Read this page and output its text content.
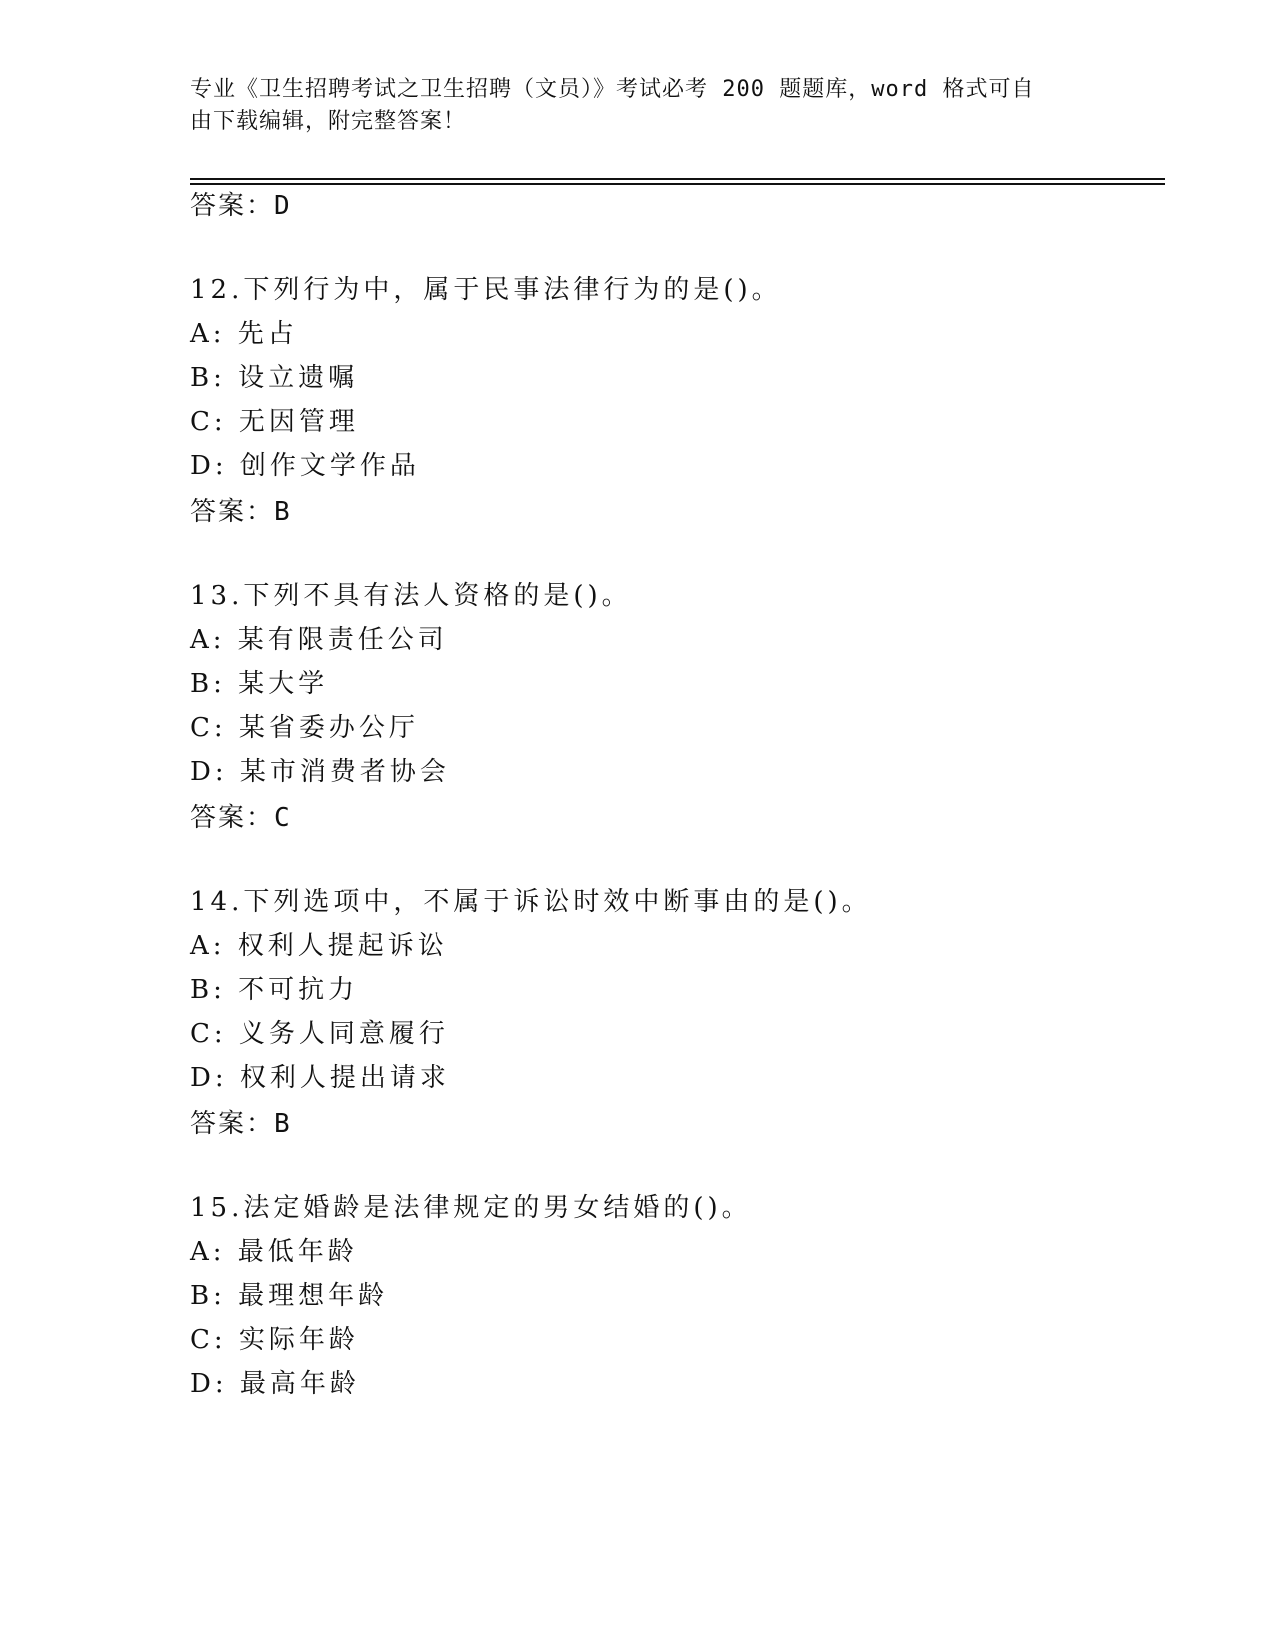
专业《卫生招聘考试之卫生招聘（文员）》考试必考 200 题题库，word 格式可自
由下载编辑，附完整答案！
答案：D
12.下列行为中，属于民事法律行为的是()。
A: 先占
B: 设立遗嘱
C: 无因管理
D: 创作文学作品
答案：B
13.下列不具有法人资格的是()。
A: 某有限责任公司
B: 某大学
C: 某省委办公厅
D: 某市消费者协会
答案：C
14.下列选项中，不属于诉讼时效中断事由的是()。
A: 权利人提起诉讼
B: 不可抗力
C: 义务人同意履行
D: 权利人提出请求
答案：B
15.法定婚龄是法律规定的男女结婚的()。
A: 最低年龄
B: 最理想年龄
C: 实际年龄
D: 最高年龄
